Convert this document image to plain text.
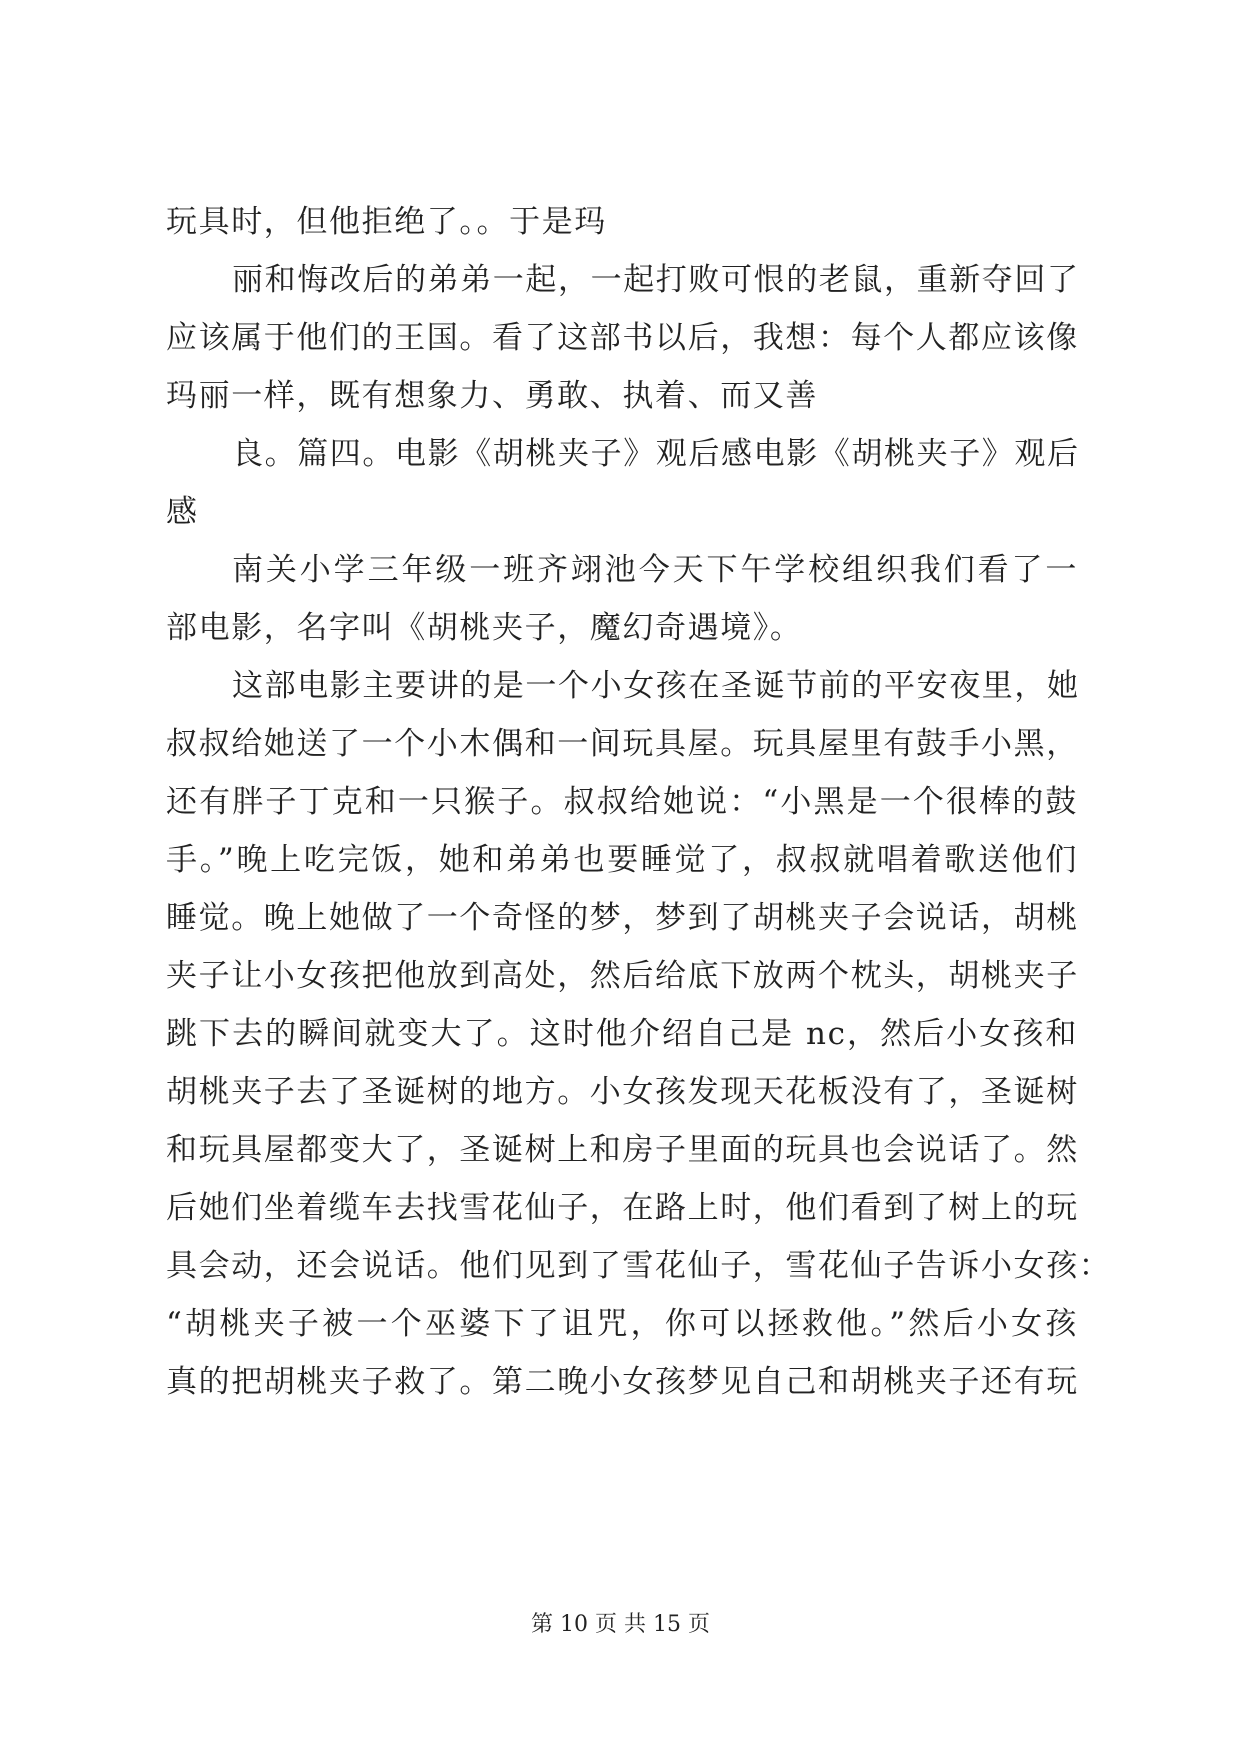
玩具时，但他拒绝了。。于是玛
丽和悔改后的弟弟一起，一起打败可恨的老鼠，重新夺回了
应该属于他们的王国。看了这部书以后，我想：每个人都应该像
玛丽一样，既有想象力、勇敢、执着、而又善
良。篇四。电影《胡桃夹子》观后感电影《胡桃夹子》观后
感
南关小学三年级一班齐翊池今天下午学校组织我们看了一
部电影，名字叫《胡桃夹子，魔幻奇遇境》。
这部电影主要讲的是一个小女孩在圣诞节前的平安夜里，她
叔叔给她送了一个小木偶和一间玩具屋。玩具屋里有鼓手小黑，
还有胖子丁克和一只猴子。叔叔给她说：“小黑是一个很棒的鼓
手。”晚上吃完饭，她和弟弟也要睡觉了，叔叔就唱着歌送他们
睡觉。晚上她做了一个奇怪的梦，梦到了胡桃夹子会说话，胡桃
夹子让小女孩把他放到高处，然后给底下放两个枕头，胡桃夹子
跳下去的瞬间就变大了。这时他介绍自己是 nc，然后小女孩和
胡桃夹子去了圣诞树的地方。小女孩发现天花板没有了，圣诞树
和玩具屋都变大了，圣诞树上和房子里面的玩具也会说话了。然
后她们坐着缆车去找雪花仙子，在路上时，他们看到了树上的玩
具会动，还会说话。他们见到了雪花仙子，雪花仙子告诉小女孩：
“胡桃夹子被一个巫婆下了诅咒，你可以拯救他。”然后小女孩
真的把胡桃夹子救了。第二晚小女孩梦见自己和胡桃夹子还有玩
第 10 页 共 15 页
